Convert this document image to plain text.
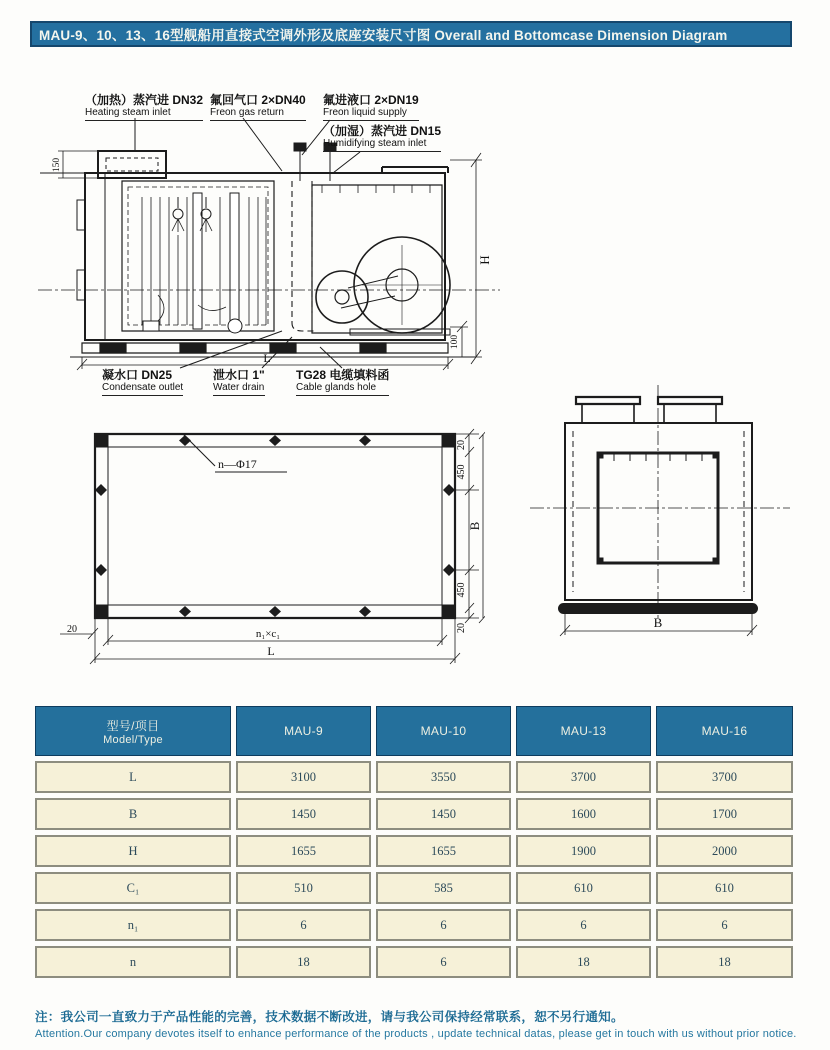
MAU-9、10、13、16型舰船用直接式空调外形及底座安装尺寸图 Overall and Bottomcase Dimension Diagram
H
100
150
L
（加热）蒸汽进 DN32
Heating steam inlet
氟回气口 2×DN40
Freon gas return
氟进液口 2×DN19
Freon liquid supply
（加湿）蒸汽进 DN15
Humidifying steam inlet
凝水口 DN25
Condensate outlet
泄水口 1"
Water drain
TG28 电缆填料函
Cable glands hole
n—Φ17
20
450
B
450
20
20	n₁×c₁
L
B
型号/项目
Model/Type
MAU-9	MAU-10	MAU-13	MAU-16
L	3100	3550	3700	3700
B	1450	1450	1600	1700
H	1655	1655	1900	2000
C₁	510	585	610	610
n₁	6	6	6	6
n	18	6	18	18
注：我公司一直致力于产品性能的完善，技术数据不断改进，请与我公司保持经常联系，恕不另行通知。
Attention.Our company devotes itself to enhance performance of the products , update technical datas, please get in touch with us without prior notice.
